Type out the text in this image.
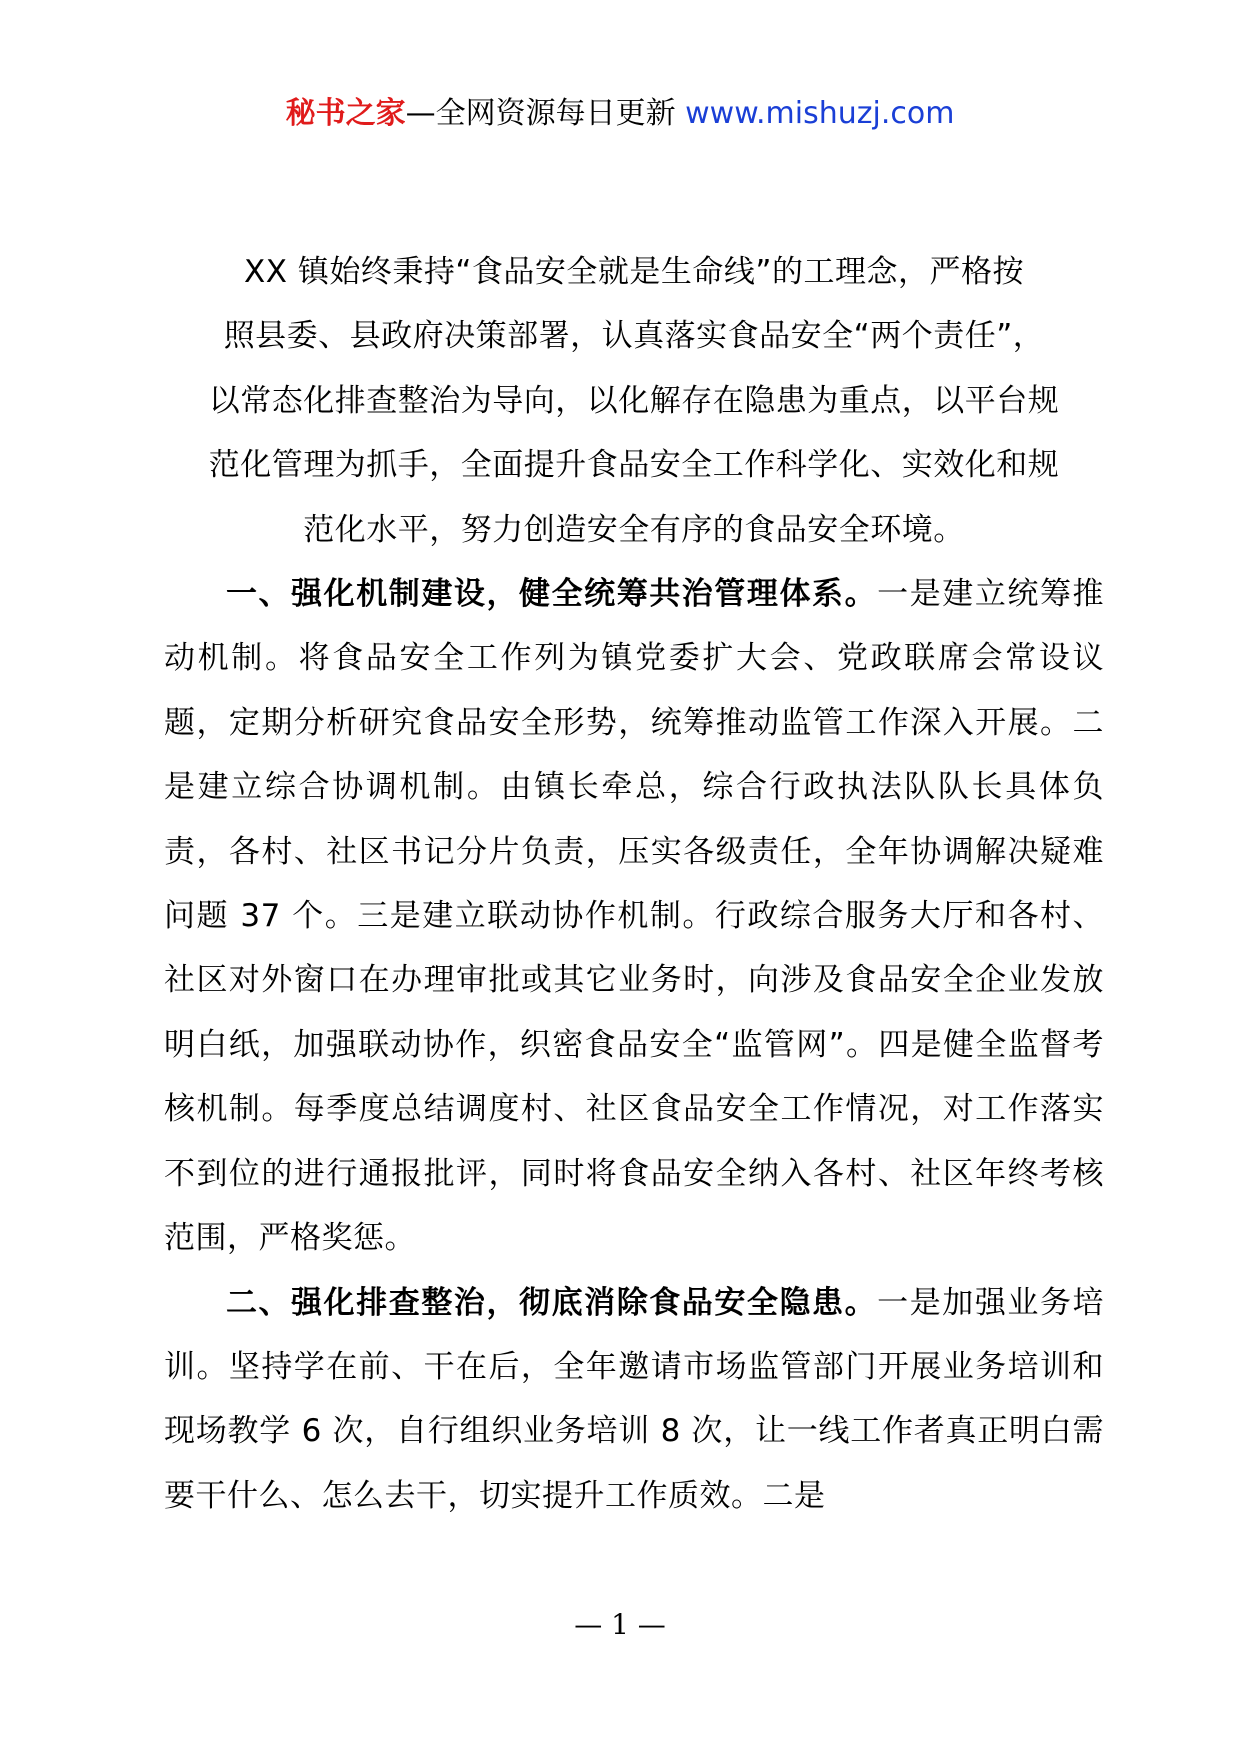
秘书之家—全网资源每日更新 www.mishuzj.com
XX 镇始终秉持“食品安全就是生命线”的工理念，严格按
照县委、县政府决策部署，认真落实食品安全“两个责任”，
以常态化排查整治为导向，以化解存在隐患为重点，以平台规
范化管理为抓手，全面提升食品安全工作科学化、实效化和规
范化水平，努力创造安全有序的食品安全环境。

一、强化机制建设，健全统筹共治管理体系。一是建立统筹推动机制。将食品安全工作列为镇党委扩大会、党政联席会常设议题，定期分析研究食品安全形势，统筹推动监管工作深入开展。二是建立综合协调机制。由镇长牵总，综合行政执法队队长具体负责，各村、社区书记分片负责，压实各级责任，全年协调解决疑难问题 37 个。三是建立联动协作机制。行政综合服务大厅和各村、社区对外窗口在办理审批或其它业务时，向涉及食品安全企业发放明白纸，加强联动协作，织密食品安全“监管网”。四是健全监督考核机制。每季度总结调度村、社区食品安全工作情况，对工作落实不到位的进行通报批评，同时将食品安全纳入各村、社区年终考核范围，严格奖惩。

二、强化排查整治，彻底消除食品安全隐患。一是加强业务培训。坚持学在前、干在后，全年邀请市场监管部门开展业务培训和现场教学 6 次，自行组织业务培训 8 次，让一线工作者真正明白需要干什么、怎么去干，切实提升工作质效。二是

— 1 —
